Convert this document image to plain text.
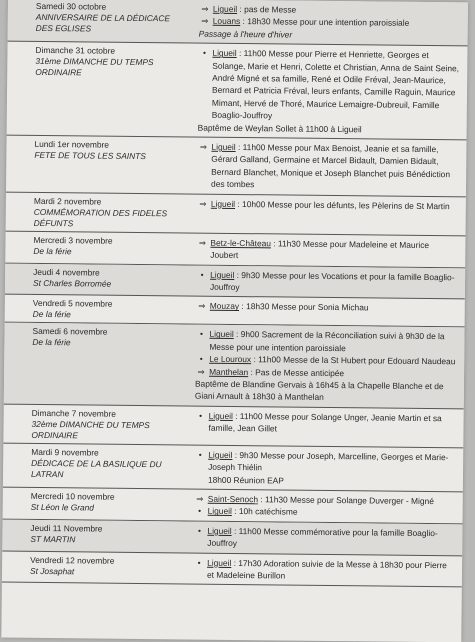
Samedi 30 octobre
ANNIVERSAIRE DE LA DÉDICACE DES EGLISES
⇒ Ligueil : pas de Messe
⇒ Louans : 18h30 Messe pour une intention paroissiale
Passage à l'heure d'hiver
Dimanche 31 octobre
31ème DIMANCHE DU TEMPS ORDINAIRE
• Ligueil : 11h00 Messe pour Pierre et Henriette, Georges et Solange, Marie et Henri, Colette et Christian, Anna de Saint Seine, André Migné et sa famille, René et Odile Fréval, Jean-Maurice, Bernard et Patricia Fréval, leurs enfants, Camille Raguin, Maurice Mimant, Hervé de Thoré, Maurice Lemaigre-Dubreuil, Famille Boaglio-Jouffroy
Baptême de Weylan Sollet à 11h00 à Ligueil
Lundi 1er novembre
FETE DE TOUS LES SAINTS
⇒ Ligueil : 11h00 Messe pour Max Benoist, Jeanie et sa famille, Gérard Galland, Germaine et Marcel Bidault, Damien Bidault, Bernard Blanchet, Monique et Joseph Blanchet puis Bénédiction des tombes
Mardi 2 novembre
COMMÉMORATION DES FIDELES DÉFUNTS
⇒ Ligueil : 10h00 Messe pour les défunts, les Pèlerins de St Martin
Mercredi 3 novembre
De la férie
⇒ Betz-le-Château : 11h30 Messe pour Madeleine et Maurice Joubert
Jeudi 4 novembre
St Charles Borromée
• Ligueil : 9h30 Messe pour les Vocations et pour la famille Boaglio-Jouffroy
Vendredi 5 novembre
De la férie
⇒ Mouzay : 18h30 Messe pour Sonia Michau
Samedi 6 novembre
De la férie
• Ligueil : 9h00 Sacrement de la Réconciliation suivi à 9h30 de la Messe pour une intention paroissiale
• Le Louroux : 11h00 Messe de la St Hubert pour Edouard Naudeau
⇒ Manthelan : Pas de Messe anticipée
Baptême de Blandine Gervais à 16h45 à la Chapelle Blanche et de Giani Arnault à 18h30 à Manthelan
Dimanche 7 novembre
32ème DIMANCHE DU TEMPS ORDINAIRE
• Ligueil : 11h00 Messe pour Solange Unger, Jeanie Martin et sa famille, Jean Gillet
Mardi 9 novembre
DÉDICACE DE LA BASILIQUE DU LATRAN
• Ligueil : 9h30 Messe pour Joseph, Marcelline, Georges et Marie-Joseph Thiélin
18h00 Réunion EAP
Mercredi 10 novembre
St Léon le Grand
⇒ Saint-Senoch : 11h30 Messe pour Solange Duverger - Migné
• Ligueil : 10h catéchisme
Jeudi 11 Novembre
ST MARTIN
• Ligueil : 11h00 Messe commémorative pour la famille Boaglio-Jouffroy
Vendredi 12 novembre
St Josaphat
• Ligueil : 17h30 Adoration suivie de la Messe à 18h30 pour Pierre et Madeleine Burillon
